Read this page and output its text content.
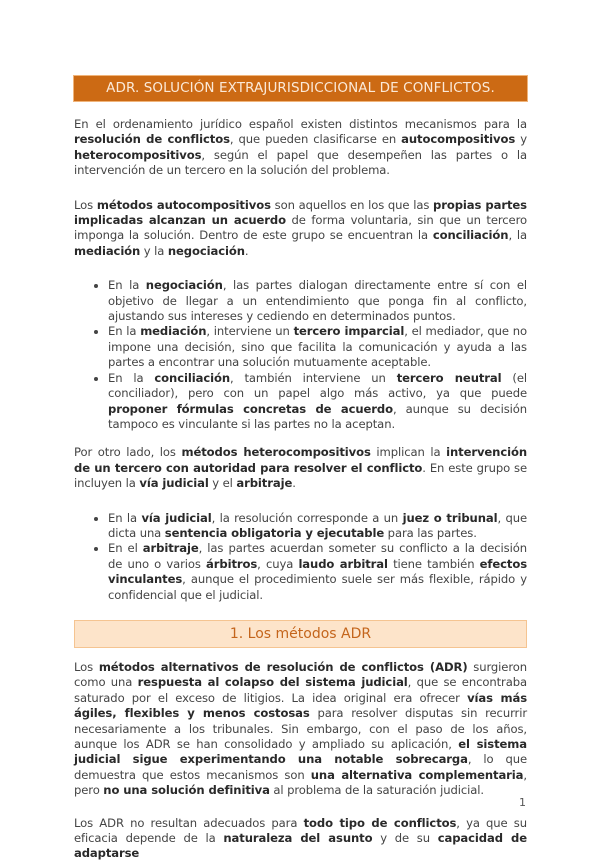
ADR. SOLUCIÓN EXTRAJURISDICCIONAL DE CONFLICTOS.

En el ordenamiento jurídico español existen distintos mecanismos para la resolución de conflictos, que pueden clasificarse en autocompositivos y heterocompositivos, según el papel que desempeñen las partes o la intervención de un tercero en la solución del problema.

Los métodos autocompositivos son aquellos en los que las propias partes implicadas alcanzan un acuerdo de forma voluntaria, sin que un tercero imponga la solución. Dentro de este grupo se encuentran la conciliación, la mediación y la negociación.

• En la negociación, las partes dialogan directamente entre sí con el objetivo de llegar a un entendimiento que ponga fin al conflicto, ajustando sus intereses y cediendo en determinados puntos.
• En la mediación, interviene un tercero imparcial, el mediador, que no impone una decisión, sino que facilita la comunicación y ayuda a las partes a encontrar una solución mutuamente aceptable.
• En la conciliación, también interviene un tercero neutral (el conciliador), pero con un papel algo más activo, ya que puede proponer fórmulas concretas de acuerdo, aunque su decisión tampoco es vinculante si las partes no la aceptan.

Por otro lado, los métodos heterocompositivos implican la intervención de un tercero con autoridad para resolver el conflicto. En este grupo se incluyen la vía judicial y el arbitraje.

• En la vía judicial, la resolución corresponde a un juez o tribunal, que dicta una sentencia obligatoria y ejecutable para las partes.
• En el arbitraje, las partes acuerdan someter su conflicto a la decisión de uno o varios árbitros, cuya laudo arbitral tiene también efectos vinculantes, aunque el procedimiento suele ser más flexible, rápido y confidencial que el judicial.
1. Los métodos ADR

Los métodos alternativos de resolución de conflictos (ADR) surgieron como una respuesta al colapso del sistema judicial, que se encontraba saturado por el exceso de litigios. La idea original era ofrecer vías más ágiles, flexibles y menos costosas para resolver disputas sin recurrir necesariamente a los tribunales. Sin embargo, con el paso de los años, aunque los ADR se han consolidado y ampliado su aplicación, el sistema judicial sigue experimentando una notable sobrecarga, lo que demuestra que estos mecanismos son una alternativa complementaria, pero no una solución definitiva al problema de la saturación judicial.

Los ADR no resultan adecuados para todo tipo de conflictos, ya que su eficacia depende de la naturaleza del asunto y de su capacidad de adaptarse

1
